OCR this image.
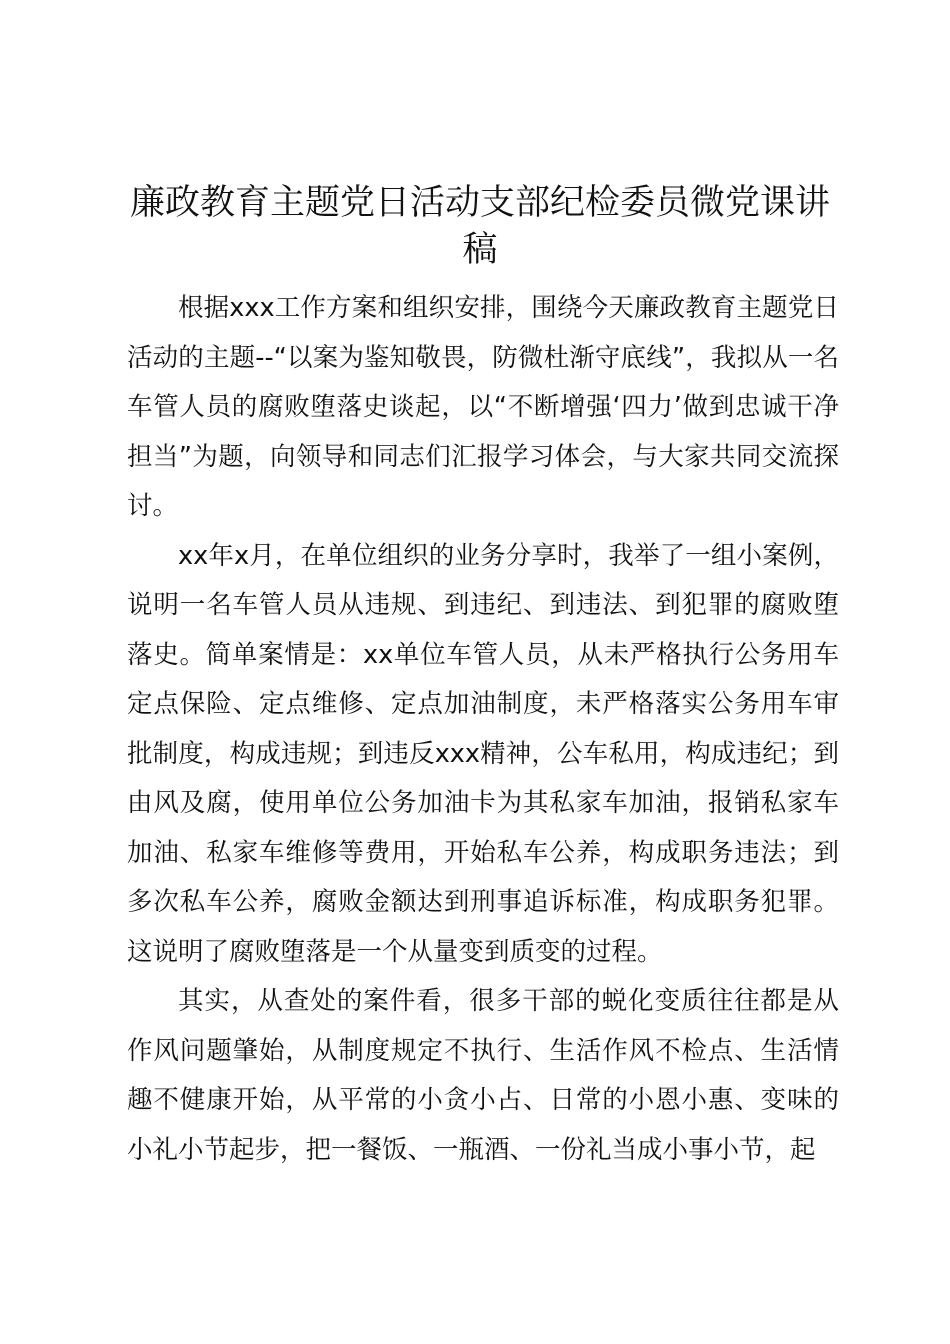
廉政教育主题党日活动支部纪检委员微党课讲稿

根据xxx工作方案和组织安排，围绕今天廉政教育主题党日活动的主题--“以案为鉴知敬畏，防微杜渐守底线”，我拟从一名车管人员的腐败堕落史谈起，以“不断增强‘四力’做到忠诚干净担当”为题，向领导和同志们汇报学习体会，与大家共同交流探讨。

xx年x月，在单位组织的业务分享时，我举了一组小案例，说明一名车管人员从违规、到违纪、到违法、到犯罪的腐败堕落史。简单案情是：xx单位车管人员，从未严格执行公务用车定点保险、定点维修、定点加油制度，未严格落实公务用车审批制度，构成违规；到违反xxx精神，公车私用，构成违纪；到由风及腐，使用单位公务加油卡为其私家车加油，报销私家车加油、私家车维修等费用，开始私车公养，构成职务违法；到多次私车公养，腐败金额达到刑事追诉标准，构成职务犯罪。这说明了腐败堕落是一个从量变到质变的过程。

其实，从查处的案件看，很多干部的蜕化变质往往都是从作风问题肇始，从制度规定不执行、生活作风不检点、生活情趣不健康开始，从平常的小贪小占、日常的小恩小惠、变味的小礼小节起步，把一餐饭、一瓶酒、一份礼当成小事小节，起
